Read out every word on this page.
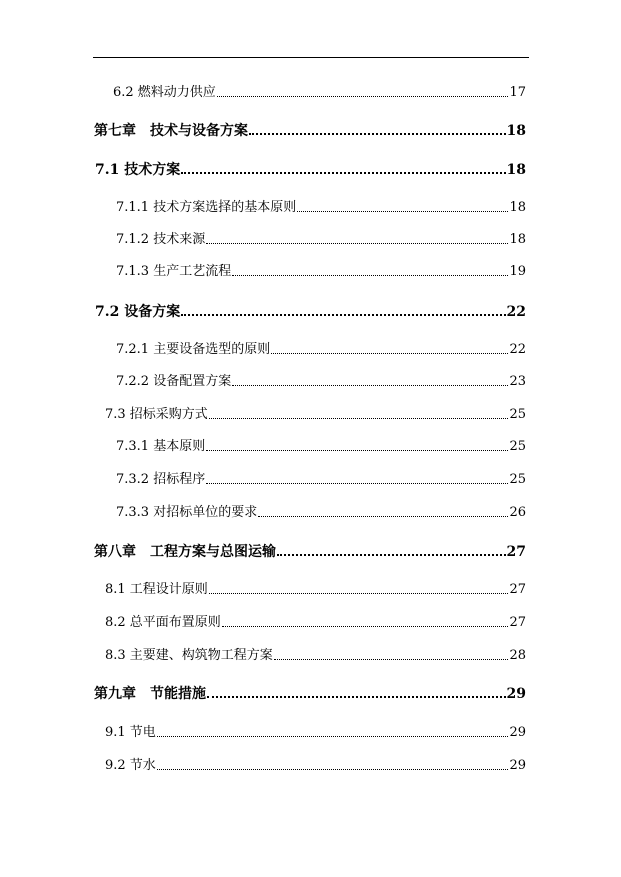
6.2 燃料动力供应	17
第七章　技术与设备方案	18
7.1 技术方案	18
7.1.1 技术方案选择的基本原则	18
7.1.2 技术来源	18
7.1.3 生产工艺流程	19
7.2 设备方案	22
7.2.1 主要设备选型的原则	22
7.2.2 设备配置方案	23
7.3 招标采购方式	25
7.3.1 基本原则	25
7.3.2 招标程序	25
7.3.3 对招标单位的要求	26
第八章　工程方案与总图运输	27
8.1 工程设计原则	27
8.2 总平面布置原则	27
8.3 主要建、构筑物工程方案	28
第九章　节能措施	29
9.1 节电	29
9.2 节水	29
